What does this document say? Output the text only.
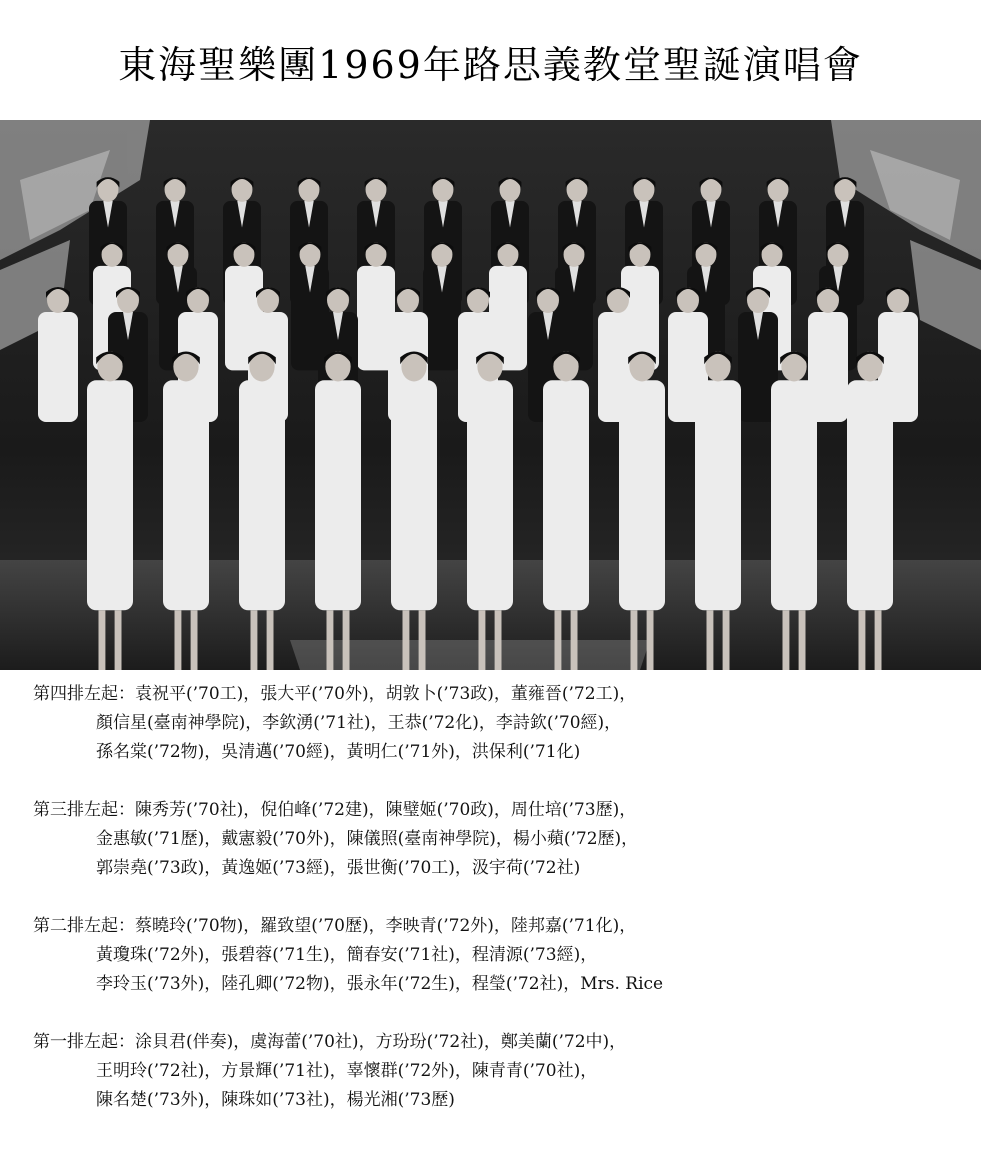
東海聖樂團1969年路思義教堂聖誕演唱會
第四排左起：袁祝平(’70工)，張大平(’70外)，胡敦卜(’73政)，董雍晉(’72工)，
顏信星(臺南神學院)，李欽湧(’71社)，王恭(’72化)，李詩欽(’70經)，
孫名棠(’72物)，吳清邁(’70經)，黃明仁(’71外)，洪保利(’71化)
第三排左起：陳秀芳(’70社)，倪伯峰(’72建)，陳璧姬(’70政)，周仕培(’73歷)，
金惠敏(’71歷)，戴憲毅(’70外)，陳儀照(臺南神學院)，楊小蘋(’72歷)，
郭崇堯(’73政)，黃逸姬(’73經)，張世衡(’70工)，汲宇荷(’72社)
第二排左起：蔡曉玲(’70物)，羅致望(’70歷)，李映青(’72外)，陸邦嘉(’71化)，
黃瓊珠(’72外)，張碧蓉(’71生)，簡春安(’71社)，程清源(’73經)，
李玲玉(’73外)，陸孔卿(’72物)，張永年(’72生)，程瑩(’72社)，Mrs. Rice
第一排左起：涂貝君(伴奏)，虞海蕾(’70社)，方玢玢(’72社)，鄭美蘭(’72中)，
王明玲(’72社)，方景輝(’71社)，辜懷群(’72外)，陳青青(’70社)，
陳名楚(’73外)，陳珠如(’73社)，楊光湘(’73歷)
